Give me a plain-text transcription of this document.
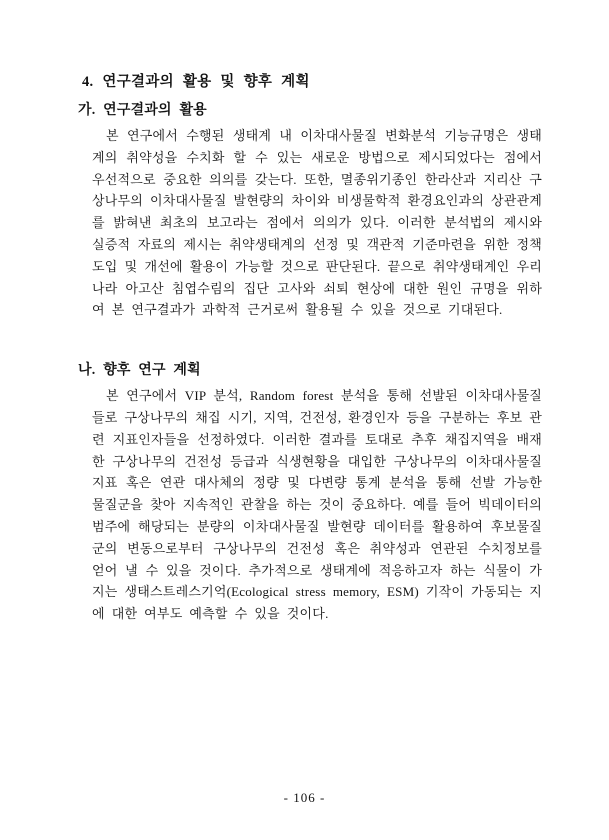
4. 연구결과의 활용 및 향후 계획
가. 연구결과의 활용

본 연구에서 수행된 생태계 내 이차대사물질 변화분석 기능규명은 생태계의 취약성을 수치화 할 수 있는 새로운 방법으로 제시되었다는 점에서 우선적으로 중요한 의의를 갖는다. 또한, 멸종위기종인 한라산과 지리산 구상나무의 이차대사물질 발현량의 차이와 비생물학적 환경요인과의 상관관계를 밝혀낸 최초의 보고라는 점에서 의의가 있다. 이러한 분석법의 제시와 실증적 자료의 제시는 취약생태계의 선정 및 객관적 기준마련을 위한 정책 도입 및 개선에 활용이 가능할 것으로 판단된다. 끝으로 취약생태계인 우리나라 아고산 침엽수림의 집단 고사와 쇠퇴 현상에 대한 원인 규명을 위하여 본 연구결과가 과학적 근거로써 활용될 수 있을 것으로 기대된다.

나. 향후 연구 계획

본 연구에서 VIP 분석, Random forest 분석을 통해 선발된 이차대사물질들로 구상나무의 채집 시기, 지역, 건전성, 환경인자 등을 구분하는 후보 관련 지표인자들을 선정하였다. 이러한 결과를 토대로 추후 채집지역을 배재한 구상나무의 건전성 등급과 식생현황을 대입한 구상나무의 이차대사물질 지표 혹은 연관 대사체의 정량 및 다변량 통계 분석을 통해 선발 가능한 물질군을 찾아 지속적인 관찰을 하는 것이 중요하다. 예를 들어 빅데이터의 범주에 해당되는 분량의 이차대사물질 발현량 데이터를 활용하여 후보물질군의 변동으로부터 구상나무의 건전성 혹은 취약성과 연관된 수치정보를 얻어 낼 수 있을 것이다. 추가적으로 생태계에 적응하고자 하는 식물이 가지는 생태스트레스기억(Ecological stress memory, ESM) 기작이 가동되는 지에 대한 여부도 예측할 수 있을 것이다.

- 106 -
